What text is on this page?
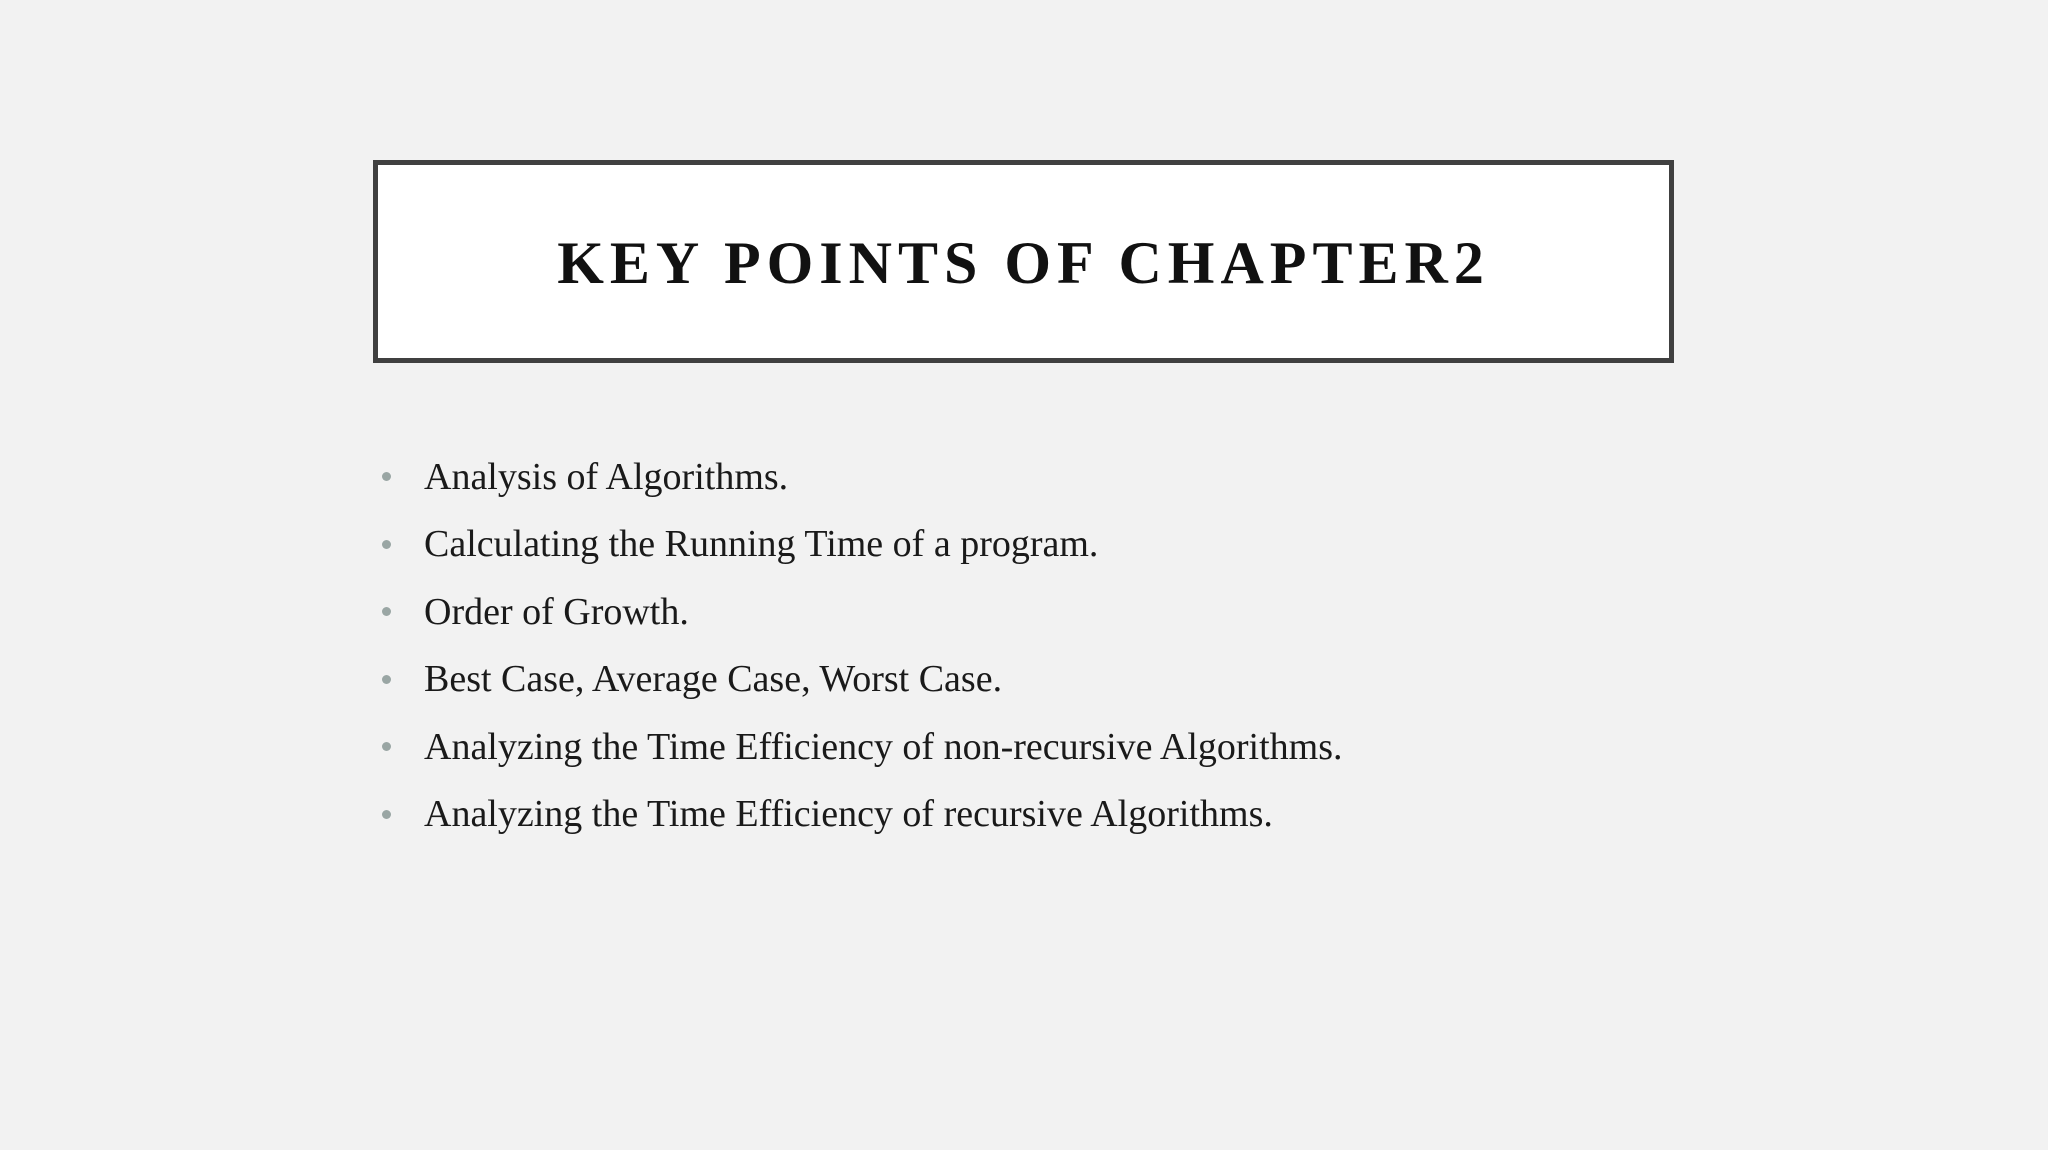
KEY POINTS OF CHAPTER2
Analysis of Algorithms.
Calculating the Running Time of a program.
Order of Growth.
Best Case, Average Case, Worst Case.
Analyzing the Time Efficiency of non-recursive Algorithms.
Analyzing the Time Efficiency of recursive Algorithms.
